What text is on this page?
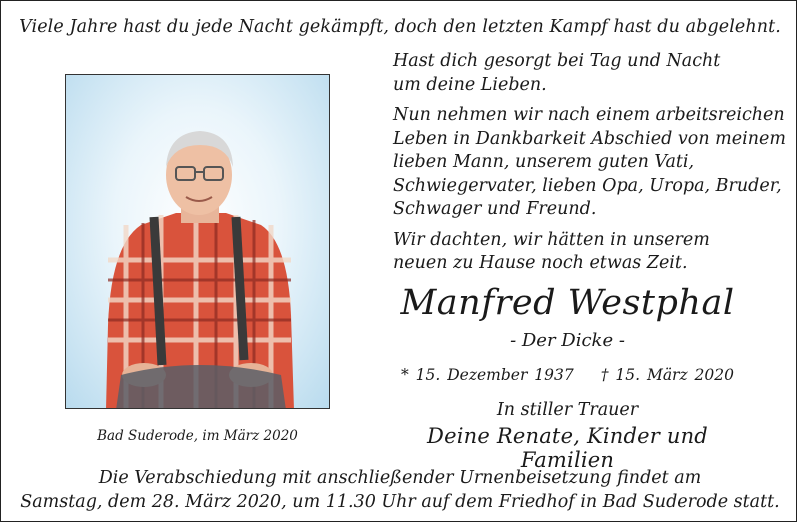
Viele Jahre hast du jede Nacht gekämpft, doch den letzten Kampf hast du abgelehnt.

Hast dich gesorgt bei Tag und Nacht
um deine Lieben.

Nun nehmen wir nach einem arbeitsreichen
Leben in Dankbarkeit Abschied von meinem
lieben Mann, unserem guten Vati,
Schwiegervater, lieben Opa, Uropa, Bruder,
Schwager und Freund.

Wir dachten, wir hätten in unserem
neuen zu Hause noch etwas Zeit.

Manfred Westphal
- Der Dicke -
* 15. Dezember 1937 † 15. März 2020
In stiller Trauer
Deine Renate, Kinder und Familien
Bad Suderode, im März 2020
Die Verabschiedung mit anschließender Urnenbeisetzung findet am
Samstag, dem 28. März 2020, um 11.30 Uhr auf dem Friedhof in Bad Suderode statt.
